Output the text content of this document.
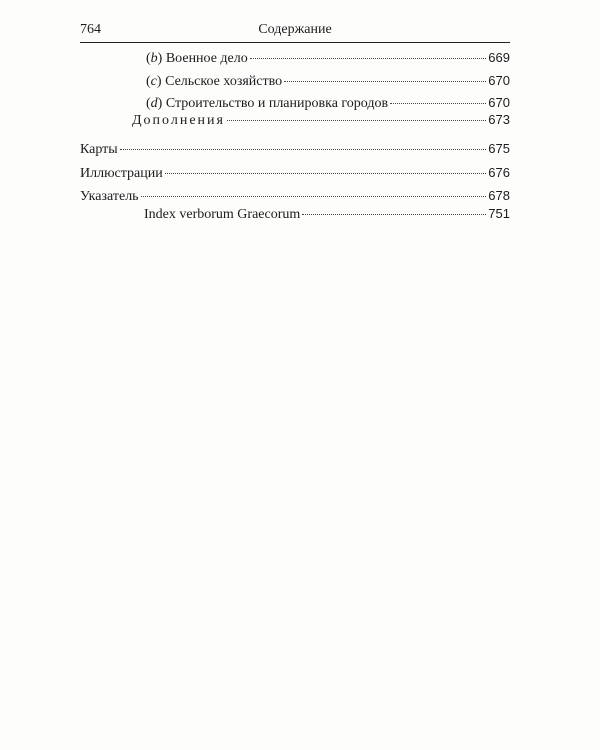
764	Содержание
(b) Военное дело	669
(c) Сельское хозяйство	670
(d) Строительство и планировка городов	670
Дополнения	673
Карты	675
Иллюстрации	676
Указатель	678
Index verborum Graecorum	751
